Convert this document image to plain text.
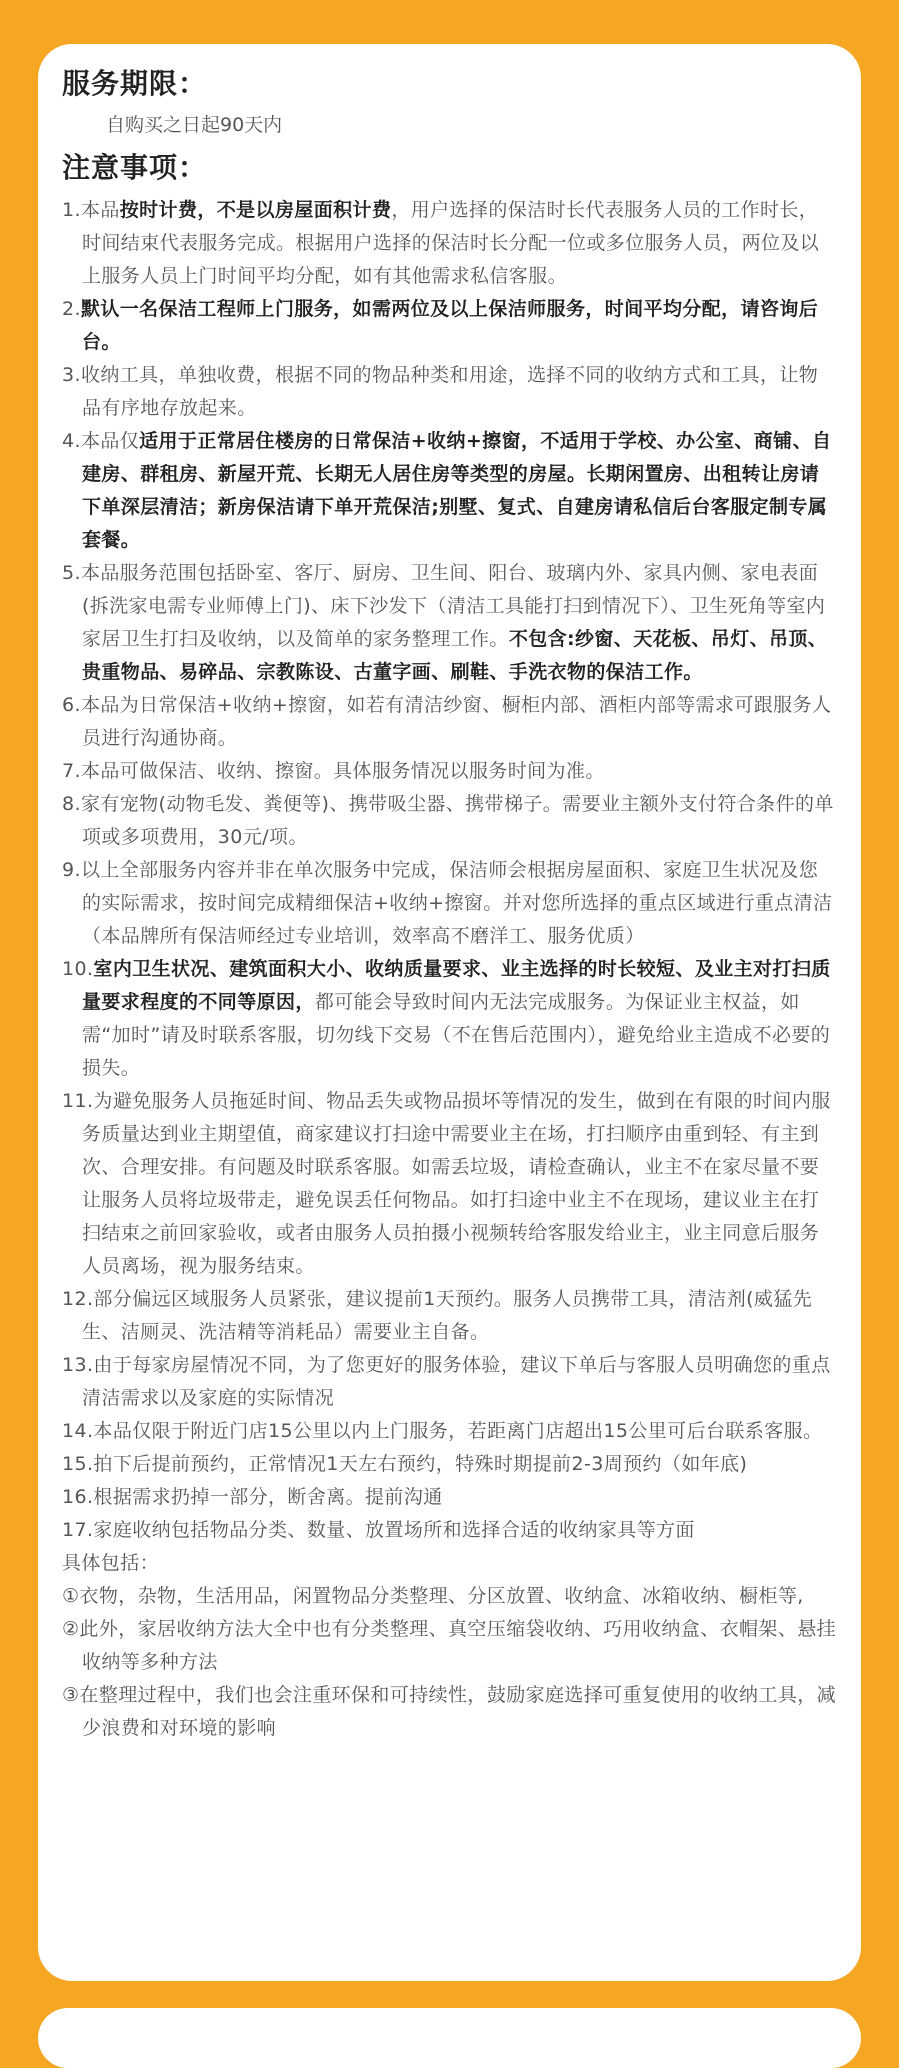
服务期限：
自购买之日起90天内
注意事项：

1.本品按时计费，不是以房屋面积计费，用户选择的保洁时长代表服务人员的工作时长，时间结束代表服务完成。根据用户选择的保洁时长分配一位或多位服务人员，两位及以上服务人员上门时间平均分配，如有其他需求私信客服。

2.默认一名保洁工程师上门服务，如需两位及以上保洁师服务，时间平均分配，请咨询后台。

3.收纳工具，单独收费，根据不同的物品种类和用途，选择不同的收纳方式和工具，让物品有序地存放起来。

4.本品仅适用于正常居住楼房的日常保洁+收纳+擦窗，不适用于学校、办公室、商铺、自建房、群租房、新屋开荒、长期无人居住房等类型的房屋。长期闲置房、出租转让房请下单深层清洁；新房保洁请下单开荒保洁;别墅、复式、自建房请私信后台客服定制专属套餐。

5.本品服务范围包括卧室、客厅、厨房、卫生间、阳台、玻璃内外、家具内侧、家电表面(拆洗家电需专业师傅上门)、床下沙发下（清洁工具能打扫到情况下）、卫生死角等室内家居卫生打扫及收纳，以及简单的家务整理工作。不包含:纱窗、天花板、吊灯、吊顶、贵重物品、易碎品、宗教陈设、古董字画、刷鞋、手洗衣物的保洁工作。

6.本品为日常保洁+收纳+擦窗，如若有清洁纱窗、橱柜内部、酒柜内部等需求可跟服务人员进行沟通协商。

7.本品可做保洁、收纳、擦窗。具体服务情况以服务时间为准。

8.家有宠物(动物毛发、粪便等)、携带吸尘器、携带梯子。需要业主额外支付符合条件的单项或多项费用，30元/项。

9.以上全部服务内容并非在单次服务中完成，保洁师会根据房屋面积、家庭卫生状况及您的实际需求，按时间完成精细保洁+收纳+擦窗。并对您所选择的重点区域进行重点清洁（本品牌所有保洁师经过专业培训，效率高不磨洋工、服务优质）

10.室内卫生状况、建筑面积大小、收纳质量要求、业主选择的时长较短、及业主对打扫质量要求程度的不同等原因，都可能会导致时间内无法完成服务。为保证业主权益，如需“加时”请及时联系客服，切勿线下交易（不在售后范围内），避免给业主造成不必要的损失。

11.为避免服务人员拖延时间、物品丢失或物品损坏等情况的发生，做到在有限的时间内服务质量达到业主期望值，商家建议打扫途中需要业主在场，打扫顺序由重到轻、有主到次、合理安排。有问题及时联系客服。如需丢垃圾，请检查确认，业主不在家尽量不要让服务人员将垃圾带走，避免误丢任何物品。如打扫途中业主不在现场，建议业主在打扫结束之前回家验收，或者由服务人员拍摄小视频转给客服发给业主，业主同意后服务人员离场，视为服务结束。

12.部分偏远区域服务人员紧张，建议提前1天预约。服务人员携带工具，清洁剂(威猛先生、洁厕灵、洗洁精等消耗品）需要业主自备。

13.由于每家房屋情况不同，为了您更好的服务体验，建议下单后与客服人员明确您的重点清洁需求以及家庭的实际情况

14.本品仅限于附近门店15公里以内上门服务，若距离门店超出15公里可后台联系客服。

15.拍下后提前预约，正常情况1天左右预约，特殊时期提前2-3周预约（如年底)

16.根据需求扔掉一部分，断舍离。提前沟通

17.家庭收纳包括物品分类、数量、放置场所和选择合适的收纳家具等方面

具体包括：

①衣物，杂物，生活用品，闲置物品分类整理、分区放置、收纳盒、冰箱收纳、橱柜等,

②此外，家居收纳方法大全中也有分类整理、真空压缩袋收纳、巧用收纳盒、衣帽架、悬挂收纳等多种方法

③在整理过程中，我们也会注重环保和可持续性，鼓励家庭选择可重复使用的收纳工具，减少浪费和对环境的影响
